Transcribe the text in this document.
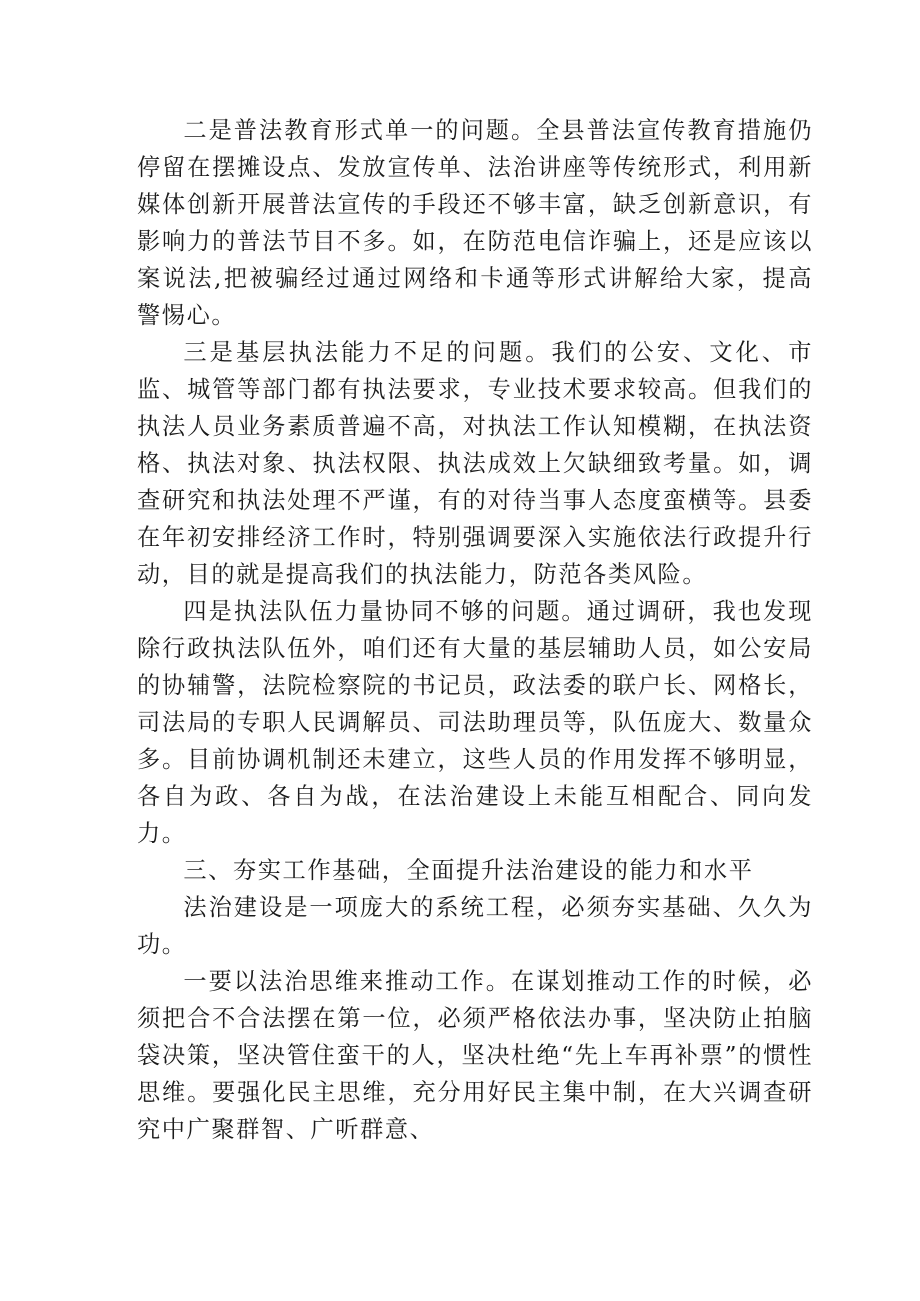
二是普法教育形式单一的问题。全县普法宣传教育措施仍停留在摆摊设点、发放宣传单、法治讲座等传统形式，利用新媒体创新开展普法宣传的手段还不够丰富，缺乏创新意识，有影响力的普法节目不多。如，在防范电信诈骗上，还是应该以案说法,把被骗经过通过网络和卡通等形式讲解给大家，提高警惕心。

三是基层执法能力不足的问题。我们的公安、文化、市监、城管等部门都有执法要求，专业技术要求较高。但我们的执法人员业务素质普遍不高，对执法工作认知模糊，在执法资格、执法对象、执法权限、执法成效上欠缺细致考量。如，调查研究和执法处理不严谨，有的对待当事人态度蛮横等。县委在年初安排经济工作时，特别强调要深入实施依法行政提升行动，目的就是提高我们的执法能力，防范各类风险。

四是执法队伍力量协同不够的问题。通过调研，我也发现除行政执法队伍外，咱们还有大量的基层辅助人员，如公安局的协辅警，法院检察院的书记员，政法委的联户长、网格长，司法局的专职人民调解员、司法助理员等，队伍庞大、数量众多。目前协调机制还未建立，这些人员的作用发挥不够明显，各自为政、各自为战，在法治建设上未能互相配合、同向发力。

三、夯实工作基础，全面提升法治建设的能力和水平

法治建设是一项庞大的系统工程，必须夯实基础、久久为功。

一要以法治思维来推动工作。在谋划推动工作的时候，必须把合不合法摆在第一位，必须严格依法办事，坚决防止拍脑袋决策，坚决管住蛮干的人，坚决杜绝“先上车再补票”的惯性思维。要强化民主思维，充分用好民主集中制，在大兴调查研究中广聚群智、广听群意、
